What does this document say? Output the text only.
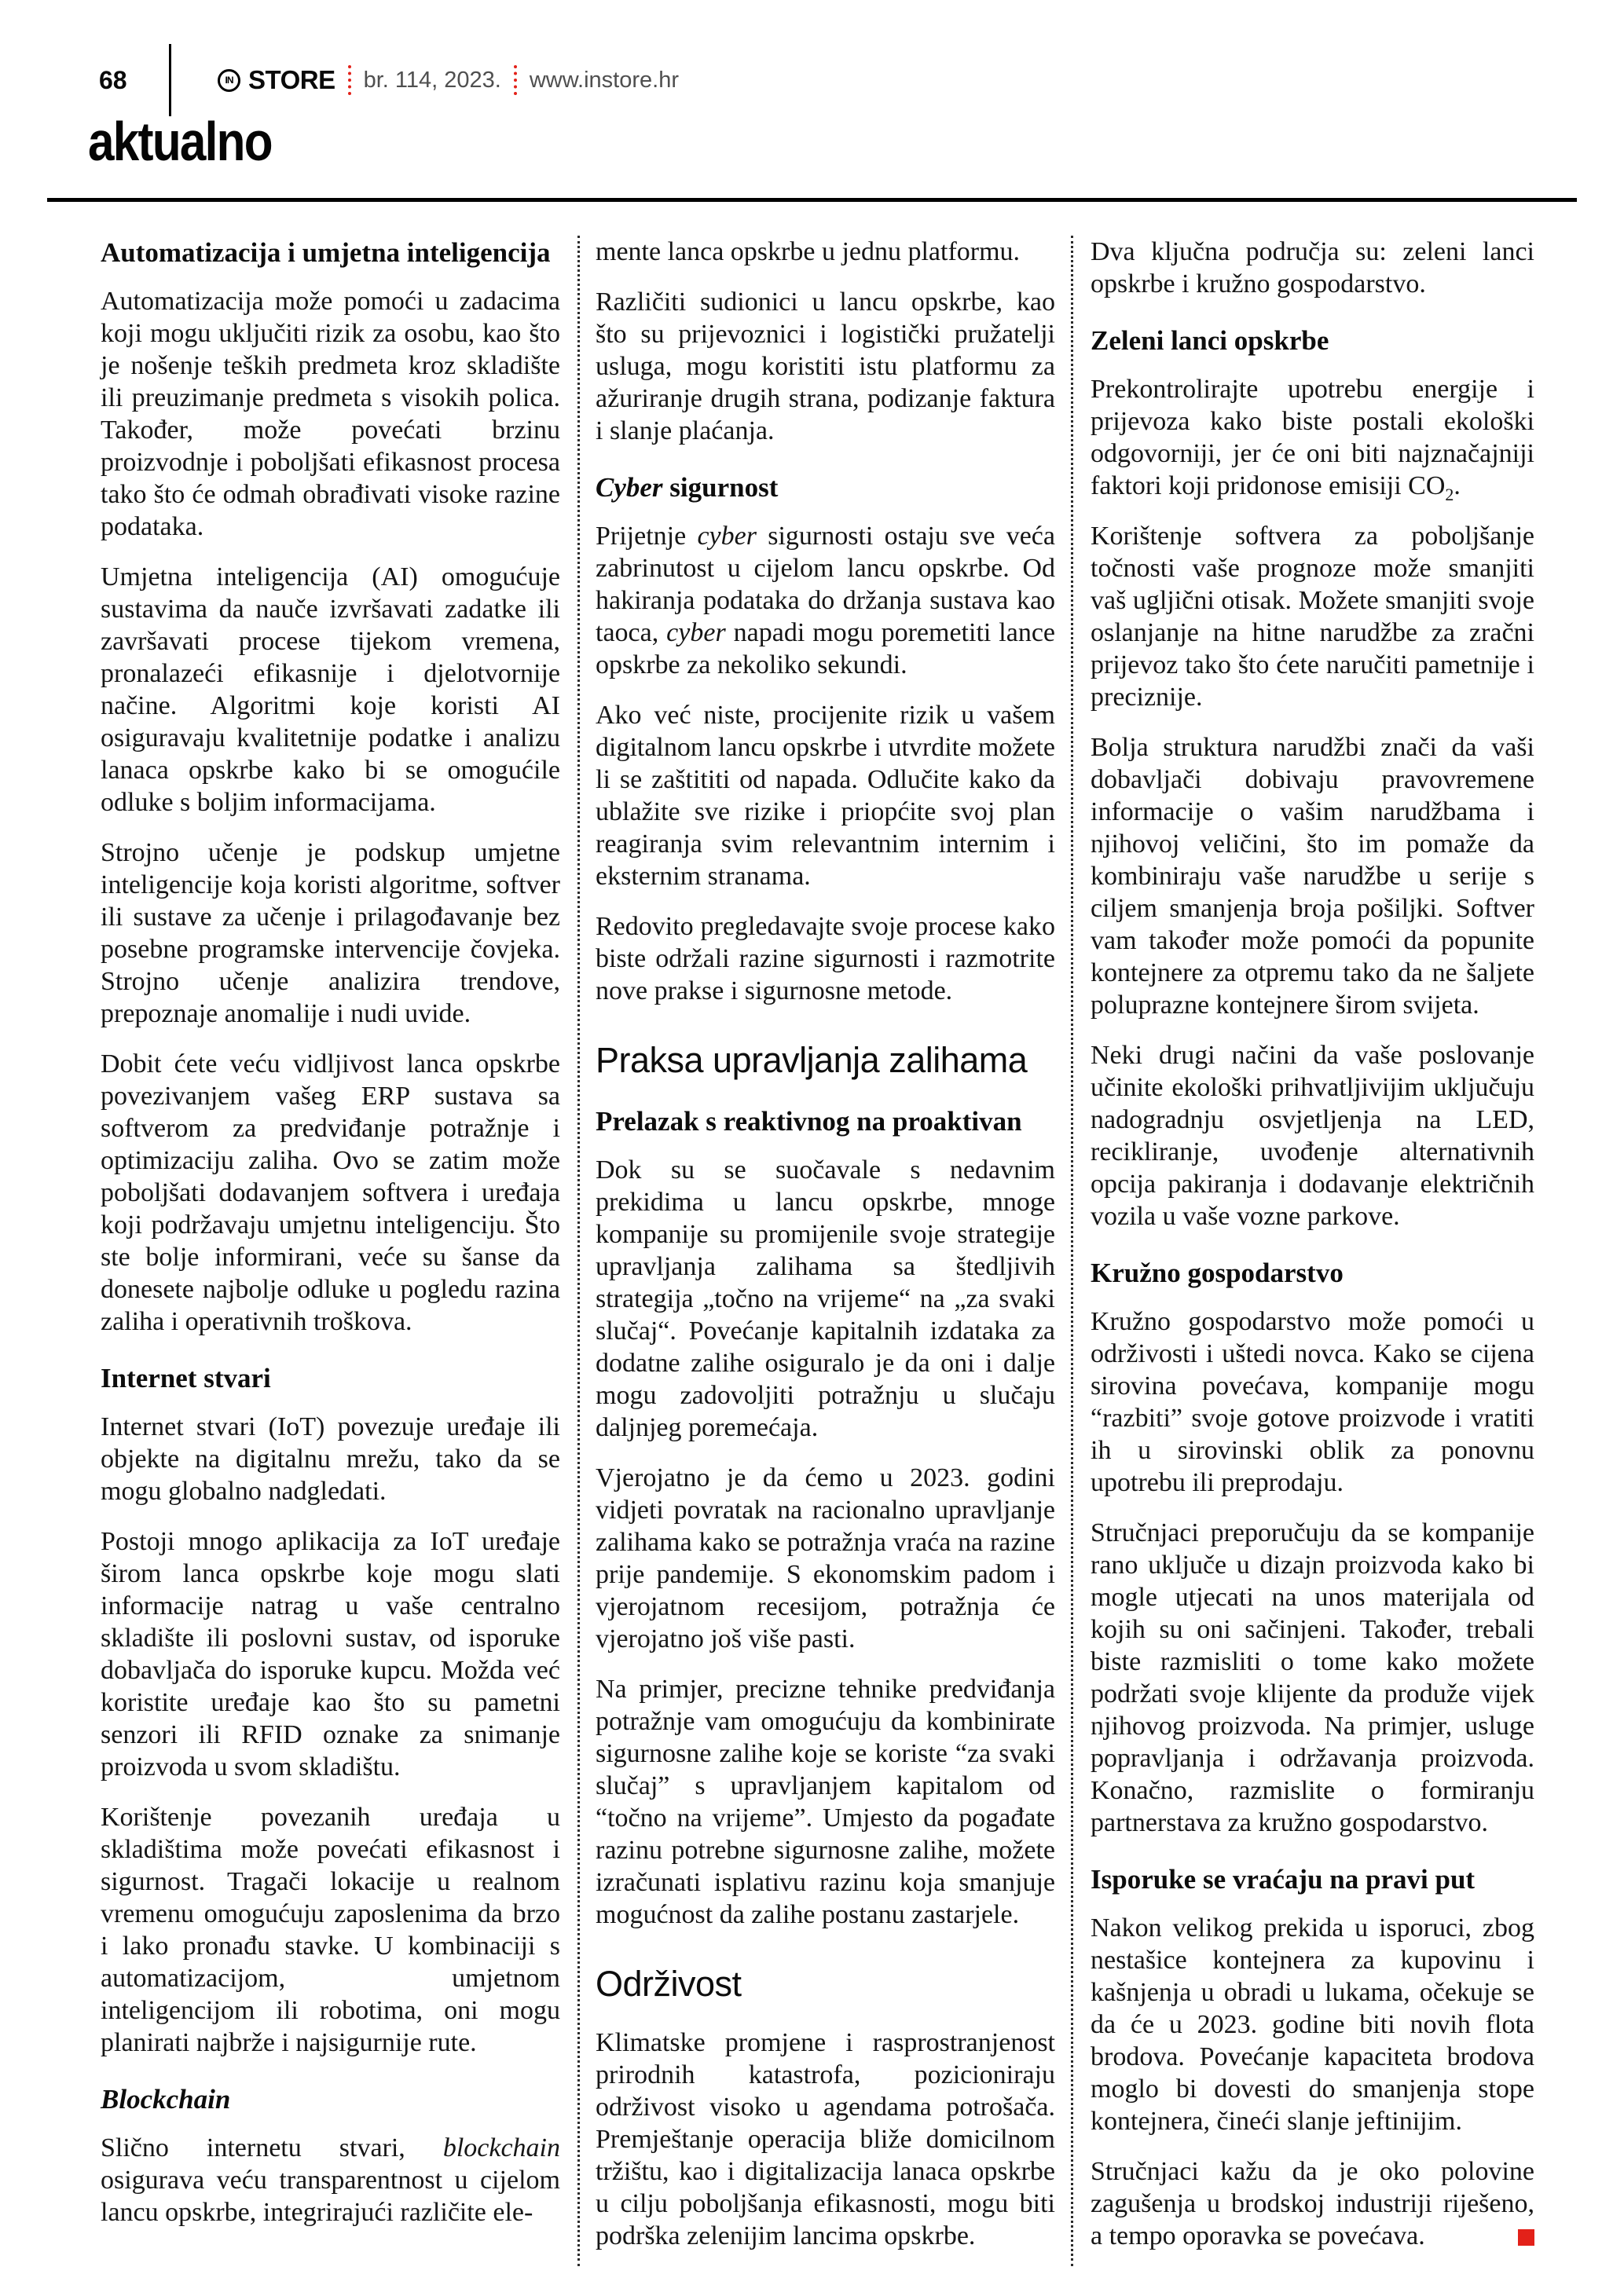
68	IN STORE br. 114, 2023. www.instore.hr
aktualno
Automatizacija i umjetna inteligencija

Automatizacija može pomoći u zadacima koji mogu uključiti rizik za osobu, kao što je nošenje teških predmeta kroz skladište ili preuzimanje predmeta s visokih polica. Također, može povećati brzinu proizvodnje i poboljšati efikasnost procesa tako što će odmah obrađivati visoke razine podataka.

Umjetna inteligencija (AI) omogućuje sustavima da nauče izvršavati zadatke ili završavati procese tijekom vremena, pronalazeći efikasnije i djelotvornije načine. Algoritmi koje koristi AI osiguravaju kvalitetnije podatke i analizu lanaca opskrbe kako bi se omogućile odluke s boljim informacijama.

Strojno učenje je podskup umjetne inteligencije koja koristi algoritme, softver ili sustave za učenje i prilagođavanje bez posebne programske intervencije čovjeka. Strojno učenje analizira trendove, prepoznaje anomalije i nudi uvide.

Dobit ćete veću vidljivost lanca opskrbe povezivanjem vašeg ERP sustava sa softverom za predviđanje potražnje i optimizaciju zaliha. Ovo se zatim može poboljšati dodavanjem softvera i uređaja koji podržavaju umjetnu inteligenciju. Što ste bolje informirani, veće su šanse da donesete najbolje odluke u pogledu razina zaliha i operativnih troškova.

Internet stvari

Internet stvari (IoT) povezuje uređaje ili objekte na digitalnu mrežu, tako da se mogu globalno nadgledati.

Postoji mnogo aplikacija za IoT uređaje širom lanca opskrbe koje mogu slati informacije natrag u vaše centralno skladište ili poslovni sustav, od isporuke dobavljača do isporuke kupcu. Možda već koristite uređaje kao što su pametni senzori ili RFID oznake za snimanje proizvoda u svom skladištu.

Korištenje povezanih uređaja u skladištima može povećati efikasnost i sigurnost. Tragači lokacije u realnom vremenu omogućuju zaposlenima da brzo i lako pronađu stavke. U kombinaciji s automatizacijom, umjetnom inteligencijom ili robotima, oni mogu planirati najbrže i najsigurnije rute.

Blockchain

Slično internetu stvari, blockchain osigurava veću transparentnost u cijelom lancu opskrbe, integrirajući različite ele-

mente lanca opskrbe u jednu platformu.

Različiti sudionici u lancu opskrbe, kao što su prijevoznici i logistički pružatelji usluga, mogu koristiti istu platformu za ažuriranje drugih strana, podizanje faktura i slanje plaćanja.

Cyber sigurnost

Prijetnje cyber sigurnosti ostaju sve veća zabrinutost u cijelom lancu opskrbe. Od hakiranja podataka do držanja sustava kao taoca, cyber napadi mogu poremetiti lance opskrbe za nekoliko sekundi.

Ako već niste, procijenite rizik u vašem digitalnom lancu opskrbe i utvrdite možete li se zaštititi od napada. Odlučite kako da ublažite sve rizike i priopćite svoj plan reagiranja svim relevantnim internim i eksternim stranama.

Redovito pregledavajte svoje procese kako biste održali razine sigurnosti i razmotrite nove prakse i sigurnosne metode.

Praksa upravljanja zalihama
Prelazak s reaktivnog na proaktivan

Dok su se suočavale s nedavnim prekidima u lancu opskrbe, mnoge kompanije su promijenile svoje strategije upravljanja zalihama sa štedljivih strategija „točno na vrijeme“ na „za svaki slučaj“. Povećanje kapitalnih izdataka za dodatne zalihe osiguralo je da oni i dalje mogu zadovoljiti potražnju u slučaju daljnjeg poremećaja.

Vjerojatno je da ćemo u 2023. godini vidjeti povratak na racionalno upravljanje zalihama kako se potražnja vraća na razine prije pandemije. S ekonomskim padom i vjerojatnom recesijom, potražnja će vjerojatno još više pasti.

Na primjer, precizne tehnike predviđanja potražnje vam omogućuju da kombinirate sigurnosne zalihe koje se koriste “za svaki slučaj” s upravljanjem kapitalom od “točno na vrijeme”. Umjesto da pogađate razinu potrebne sigurnosne zalihe, možete izračunati isplativu razinu koja smanjuje mogućnost da zalihe postanu zastarjele.

Održivost

Klimatske promjene i rasprostranjenost prirodnih katastrofa, pozicioniraju održivost visoko u agendama potrošača. Premještanje operacija bliže domicilnom tržištu, kao i digitalizacija lanaca opskrbe u cilju poboljšanja efikasnosti, mogu biti podrška zelenijim lancima opskrbe.

Dva ključna područja su: zeleni lanci opskrbe i kružno gospodarstvo.

Zeleni lanci opskrbe

Prekontrolirajte upotrebu energije i prijevoza kako biste postali ekološki odgovorniji, jer će oni biti najznačajniji faktori koji pridonose emisiji $CO_2$.

Korištenje softvera za poboljšanje točnosti vaše prognoze može smanjiti vaš ugljični otisak. Možete smanjiti svoje oslanjanje na hitne narudžbe za zračni prijevoz tako što ćete naručiti pametnije i preciznije.

Bolja struktura narudžbi znači da vaši dobavljači dobivaju pravovremene informacije o vašim narudžbama i njihovoj veličini, što im pomaže da kombiniraju vaše narudžbe u serije s ciljem smanjenja broja pošiljki. Softver vam također može pomoći da popunite kontejnere za otpremu tako da ne šaljete poluprazne kontejnere širom svijeta.

Neki drugi načini da vaše poslovanje učinite ekološki prihvatljivijim uključuju nadogradnju osvjetljenja na LED, recikliranje, uvođenje alternativnih opcija pakiranja i dodavanje električnih vozila u vaše vozne parkove.

Kružno gospodarstvo

Kružno gospodarstvo može pomoći u održivosti i uštedi novca. Kako se cijena sirovina povećava, kompanije mogu “razbiti” svoje gotove proizvode i vratiti ih u sirovinski oblik za ponovnu upotrebu ili preprodaju.

Stručnjaci preporučuju da se kompanije rano uključe u dizajn proizvoda kako bi mogle utjecati na unos materijala od kojih su oni sačinjeni. Također, trebali biste razmisliti o tome kako možete podržati svoje klijente da produže vijek njihovog proizvoda. Na primjer, usluge popravljanja i održavanja proizvoda. Konačno, razmislite o formiranju partnerstava za kružno gospodarstvo.

Isporuke se vraćaju na pravi put

Nakon velikog prekida u isporuci, zbog nestašice kontejnera za kupovinu i kašnjenja u obradi u lukama, očekuje se da će u 2023. godine biti novih flota brodova. Povećanje kapaciteta brodova moglo bi dovesti do smanjenja stope kontejnera, čineći slanje jeftinijim.

Stručnjaci kažu da je oko polovine zagušenja u brodskoj industriji riješeno, a tempo oporavka se povećava.
